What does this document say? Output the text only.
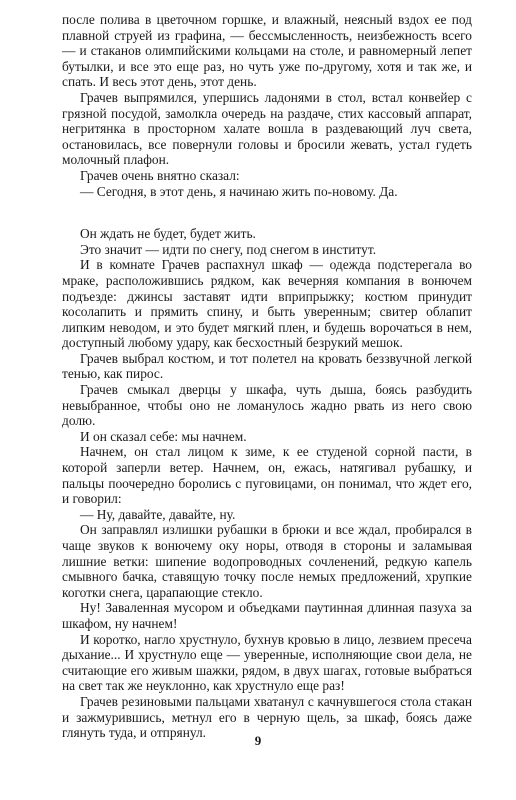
после полива в цветочном горшке, и влажный, неясный вздох ее под плавной струей из графина, — бессмысленность, неизбежность всего — и стаканов олимпийскими кольцами на столе, и равномерный лепет бутылки, и все это еще раз, но чуть уже по-другому, хотя и так же, и спать. И весь этот день, этот день.

Грачев выпрямился, упершись ладонями в стол, встал конвейер с грязной посудой, замолкла очередь на раздаче, стих кассовый аппарат, негритянка в просторном халате вошла в раздевающий луч света, остановилась, все повернули головы и бросили жевать, устал гудеть молочный плафон.

Грачев очень внятно сказал:

— Сегодня, в этот день, я начинаю жить по-новому. Да.

Он ждать не будет, будет жить.

Это значит — идти по снегу, под снегом в институт.

И в комнате Грачев распахнул шкаф — одежда подстерегала во мраке, расположившись рядком, как вечерняя компания в вонючем подъезде: джинсы заставят идти вприпрыжку; костюм принудит косолапить и прямить спину, и быть уверенным; свитер облапит липким неводом, и это будет мягкий плен, и будешь ворочаться в нем, доступный любому удару, как бесхостный безрукий мешок.

Грачев выбрал костюм, и тот полетел на кровать беззвучной легкой тенью, как пирос.

Грачев смыкал дверцы у шкафа, чуть дыша, боясь разбудить невыбранное, чтобы оно не ломанулось жадно рвать из него свою долю.

И он сказал себе: мы начнем.

Начнем, он стал лицом к зиме, к ее студеной сорной пасти, в которой заперли ветер. Начнем, он, ежась, натягивал рубашку, и пальцы поочередно боролись с пуговицами, он понимал, что ждет его, и говорил:

— Ну, давайте, давайте, ну.

Он заправлял излишки рубашки в брюки и все ждал, пробирался в чаще звуков к вонючему оку норы, отводя в стороны и заламывая лишние ветки: шипение водопроводных сочленений, редкую капель смывного бачка, ставящую точку после немых предложений, хрупкие коготки снега, царапающие стекло.

Ну! Заваленная мусором и объедками паутинная длинная пазуха за шкафом, ну начнем!

И коротко, нагло хрустнуло, бухнув кровью в лицо, лезвием пресеча дыхание... И хрустнуло еще — уверенные, исполняющие свои дела, не считающие его живым шажки, рядом, в двух шагах, готовые выбраться на свет так же неуклонно, как хрустнуло еще раз!

Грачев резиновыми пальцами хватанул с качнувшегося стола стакан и зажмурившись, метнул его в черную щель, за шкаф, боясь даже глянуть туда, и отпрянул.

9
